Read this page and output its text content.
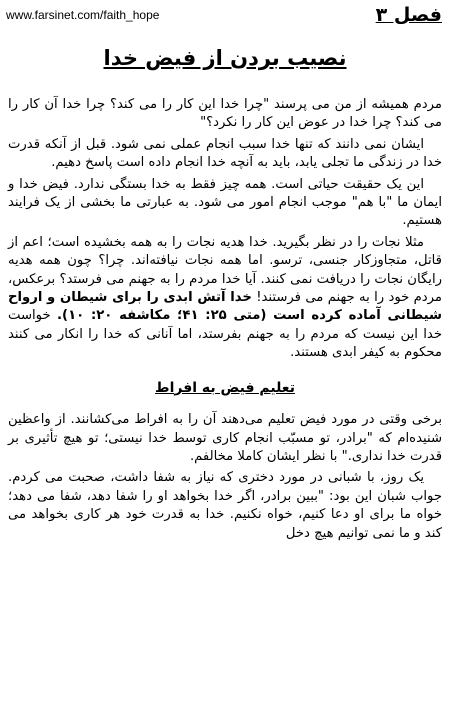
www.farsinet.com/faith_hope	فصل ۳
نصیب بردن از فیض خدا

مردم همیشه از من می پرسند "چرا خدا این کار را می کند؟ چرا خدا آن کار را می کند؟ چرا خدا در عوض این کار را نکرد؟"

ایشان نمی دانند که تنها خدا سبب انجام عملی نمی شود. قبل از آنکه قدرت خدا در زندگی ما تجلی یابد، باید به آنچه خدا انجام داده است پاسخ دهیم.

این یک حقیقت حیاتی است. همه چیز فقط به خدا بستگی ندارد. فیض خدا و ایمان ما "با هم" موجب انجام امور می شود. به عبارتی ما بخشی از یک فرایند هستیم.

مثلا نجات را در نظر بگیرید. خدا هدیه نجات را به همه بخشیده است؛ اعم از قاتل، متجاوزکار جنسی، ترسو. اما همه نجات نیافته‌اند. چرا؟ چون همه هدیه رایگان نجات را دریافت نمی کنند. آیا خدا مردم را به جهنم می فرستد؟ برعکس، مردم خود را به جهنم می فرستند! خدا آتش ابدی را برای شیطان و ارواح شیطانی آماده کرده است (متی ۲۵: ۴۱؛ مکاشفه ۲۰: ۱۰). خواست خدا این نیست که مردم را به جهنم بفرستد، اما آنانی که خدا را انکار می کنند محکوم به کیفر ابدی هستند.

تعلیم فیض به افراط

برخی وقتی در مورد فیض تعلیم می‌دهند آن را به افراط می‌کشانند. از واعظین شنیده‌ام که "برادر، تو مسبّب انجام کاری توسط خدا نیستی؛ تو هیچ تأثیری بر قدرت خدا نداری." با نظر ایشان کاملا مخالفم.

یک روز، با شبانی در مورد دختری که نیاز به شفا داشت، صحبت می کردم. جواب شبان این بود: "ببین برادر، اگر خدا بخواهد او را شفا دهد، شفا می دهد؛ خواه ما برای او دعا کنیم، خواه نکنیم. خدا به قدرت خود هر کاری بخواهد می کند و ما نمی توانیم هیچ دخل
